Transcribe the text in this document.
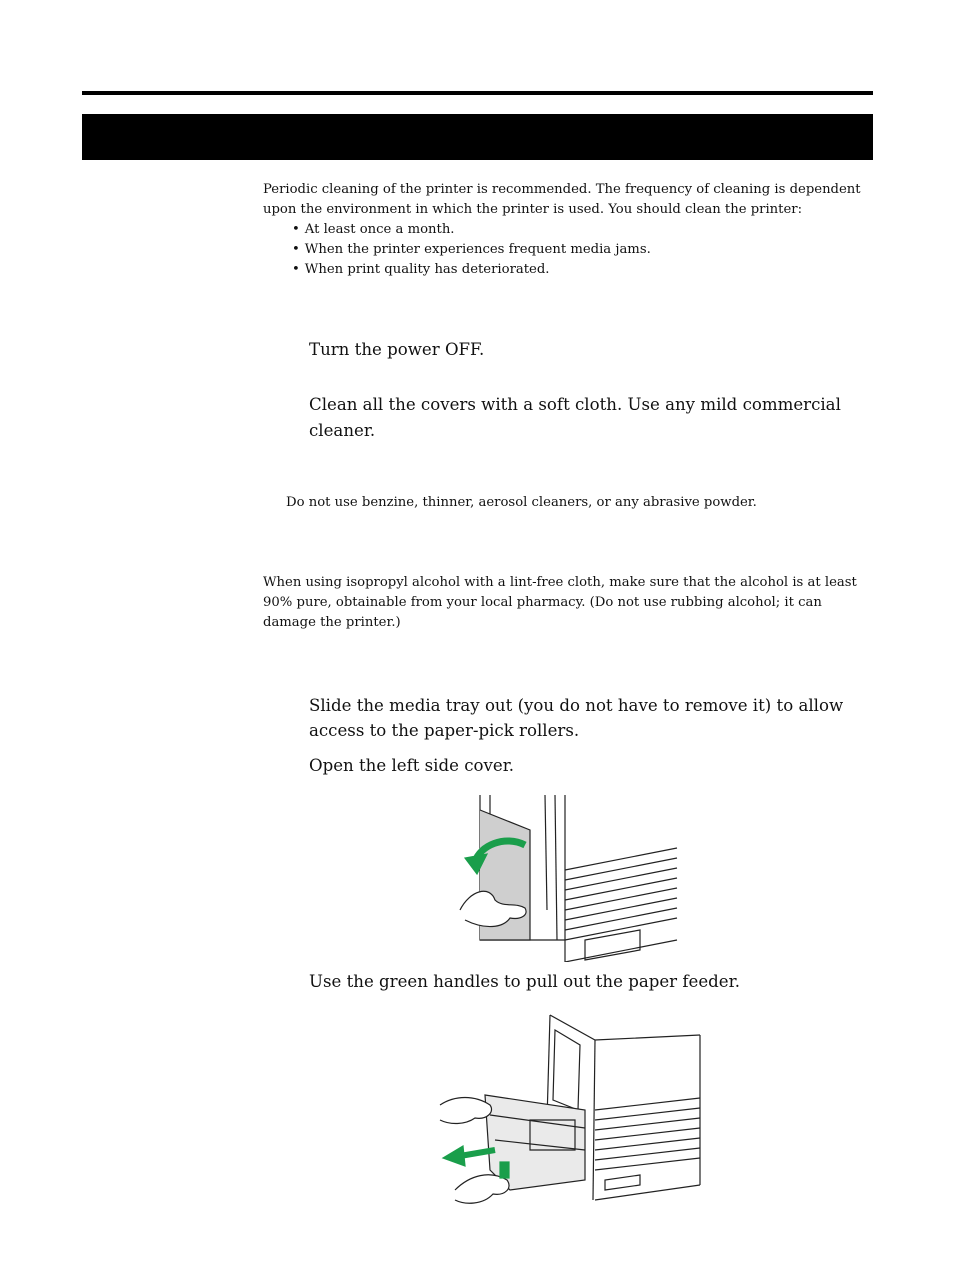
Periodic cleaning of the printer is recommended. The frequency of cleaning is dependent
upon the environment in which the printer is used. You should clean the printer:
• At least once a month.
• When the printer experiences frequent media jams.
• When print quality has deteriorated.
Turn the power OFF.
Clean all the covers with a soft cloth. Use any mild commercial
cleaner.
Do not use benzine, thinner, aerosol cleaners, or any abrasive powder.
When using isopropyl alcohol with a lint-free cloth, make sure that the alcohol is at least
90% pure, obtainable from your local pharmacy. (Do not use rubbing alcohol; it can
damage the printer.)
Slide the media tray out (you do not have to remove it) to allow
access to the paper-pick rollers.
Open the left side cover.
Use the green handles to pull out the paper feeder.
